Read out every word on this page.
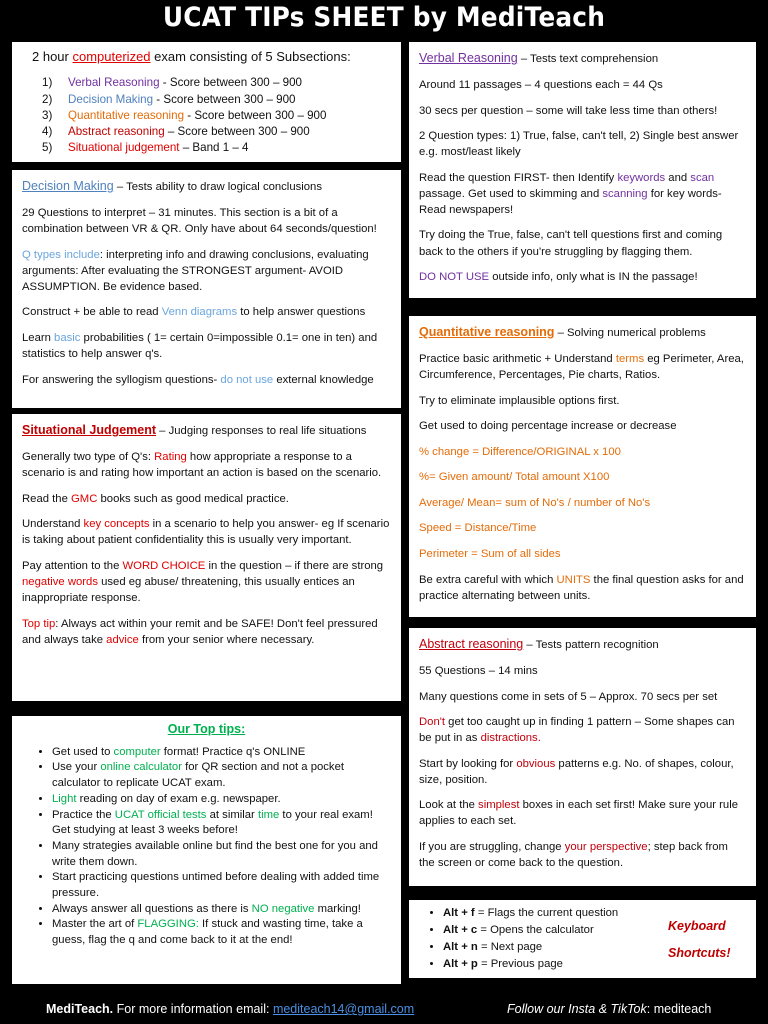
UCAT TIPs SHEET by MediTeach
2 hour computerized exam consisting of 5 Subsections:
1) Verbal Reasoning - Score between 300 – 900
2) Decision Making - Score between 300 – 900
3) Quantitative reasoning - Score between 300 – 900
4) Abstract reasoning – Score between 300 – 900
5) Situational judgement – Band 1 – 4

Decision Making – Tests ability to draw logical conclusions

29 Questions to interpret – 31 minutes. This section is a bit of a combination between VR & QR. Only have about 64 seconds/question!

Q types include: interpreting info and drawing conclusions, evaluating arguments: After evaluating the STRONGEST argument- AVOID ASSUMPTION. Be evidence based.

Construct + be able to read Venn diagrams to help answer questions

Learn basic probabilities ( 1= certain 0=impossible 0.1= one in ten) and statistics to help answer q's.

For answering the syllogism questions- do not use external knowledge

Situational Judgement – Judging responses to real life situations

Generally two type of Q's: Rating how appropriate a response to a scenario is and rating how important an action is based on the scenario.

Read the GMC books such as good medical practice.

Understand key concepts in a scenario to help you answer- eg If scenario is taking about patient confidentiality this is usually very important.

Pay attention to the WORD CHOICE in the question – if there are strong negative words used eg abuse/ threatening, this usually entices an inappropriate response.

Top tip: Always act within your remit and be SAFE! Don't feel pressured and always take advice from your senior where necessary.

Our Top tips:
• Get used to computer format! Practice q's ONLINE
• Use your online calculator for QR section and not a pocket calculator to replicate UCAT exam.
• Light reading on day of exam e.g. newspaper.
• Practice the UCAT official tests at similar time to your real exam! Get studying at least 3 weeks before!
• Many strategies available online but find the best one for you and write them down.
• Start practicing questions untimed before dealing with added time pressure.
• Always answer all questions as there is NO negative marking!
• Master the art of FLAGGING: If stuck and wasting time, take a guess, flag the q and come back to it at the end!

Verbal Reasoning – Tests text comprehension

Around 11 passages – 4 questions each = 44 Qs

30 secs per question – some will take less time than others!

2 Question types: 1) True, false, can't tell, 2) Single best answer e.g. most/least likely

Read the question FIRST- then Identify keywords and scan passage. Get used to skimming and scanning for key words- Read newspapers!

Try doing the True, false, can't tell questions first and coming back to the others if you're struggling by flagging them.

DO NOT USE outside info, only what is IN the passage!

Quantitative reasoning – Solving numerical problems

Practice basic arithmetic + Understand terms eg Perimeter, Area, Circumference, Percentages, Pie charts, Ratios.

Try to eliminate implausible options first.

Get used to doing percentage increase or decrease

% change = Difference/ORIGINAL x 100

%= Given amount/ Total amount X100

Average/ Mean= sum of No's / number of No's

Speed = Distance/Time

Perimeter = Sum of all sides

Be extra careful with which UNITS the final question asks for and practice alternating between units.

Abstract reasoning – Tests pattern recognition

55 Questions – 14 mins

Many questions come in sets of 5 – Approx. 70 secs per set

Don't get too caught up in finding 1 pattern – Some shapes can be put in as distractions.

Start by looking for obvious patterns e.g. No. of shapes, colour, size, position.

Look at the simplest boxes in each set first! Make sure your rule applies to each set.

If you are struggling, change your perspective; step back from the screen or come back to the question.

• Alt + f = Flags the current question
• Alt + c = Opens the calculator
• Alt + n = Next page
• Alt + p = Previous page
Keyboard
Shortcuts!
MediTeach. For more information email: mediteach14@gmail.com	Follow our Insta & TikTok: mediteach
